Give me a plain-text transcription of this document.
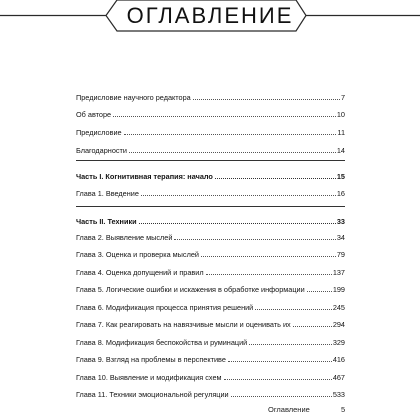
ОГЛАВЛЕНИЕ
Оглавление	5
Предисловие научного редактора	7
Об авторе	10
Предисловие	11
Благодарности	14
Часть I. Когнитивная терапия: начало	15
Глава 1. Введение	16
Часть II. Техники	33
Глава 2. Выявление мыслей	34
Глава 3. Оценка и проверка мыслей	79
Глава 4. Оценка допущений и правил	137
Глава 5. Логические ошибки и искажения в обработке информации	199
Глава 6. Модификация процесса принятия решений	245
Глава 7. Как реагировать на навязчивые мысли и оценивать их	294
Глава 8. Модификация беспокойства и руминаций	329
Глава 9. Взгляд на проблемы в перспективе	416
Глава 10. Выявление и модификация схем	467
Глава 11. Техники эмоциональной регуляции	533
